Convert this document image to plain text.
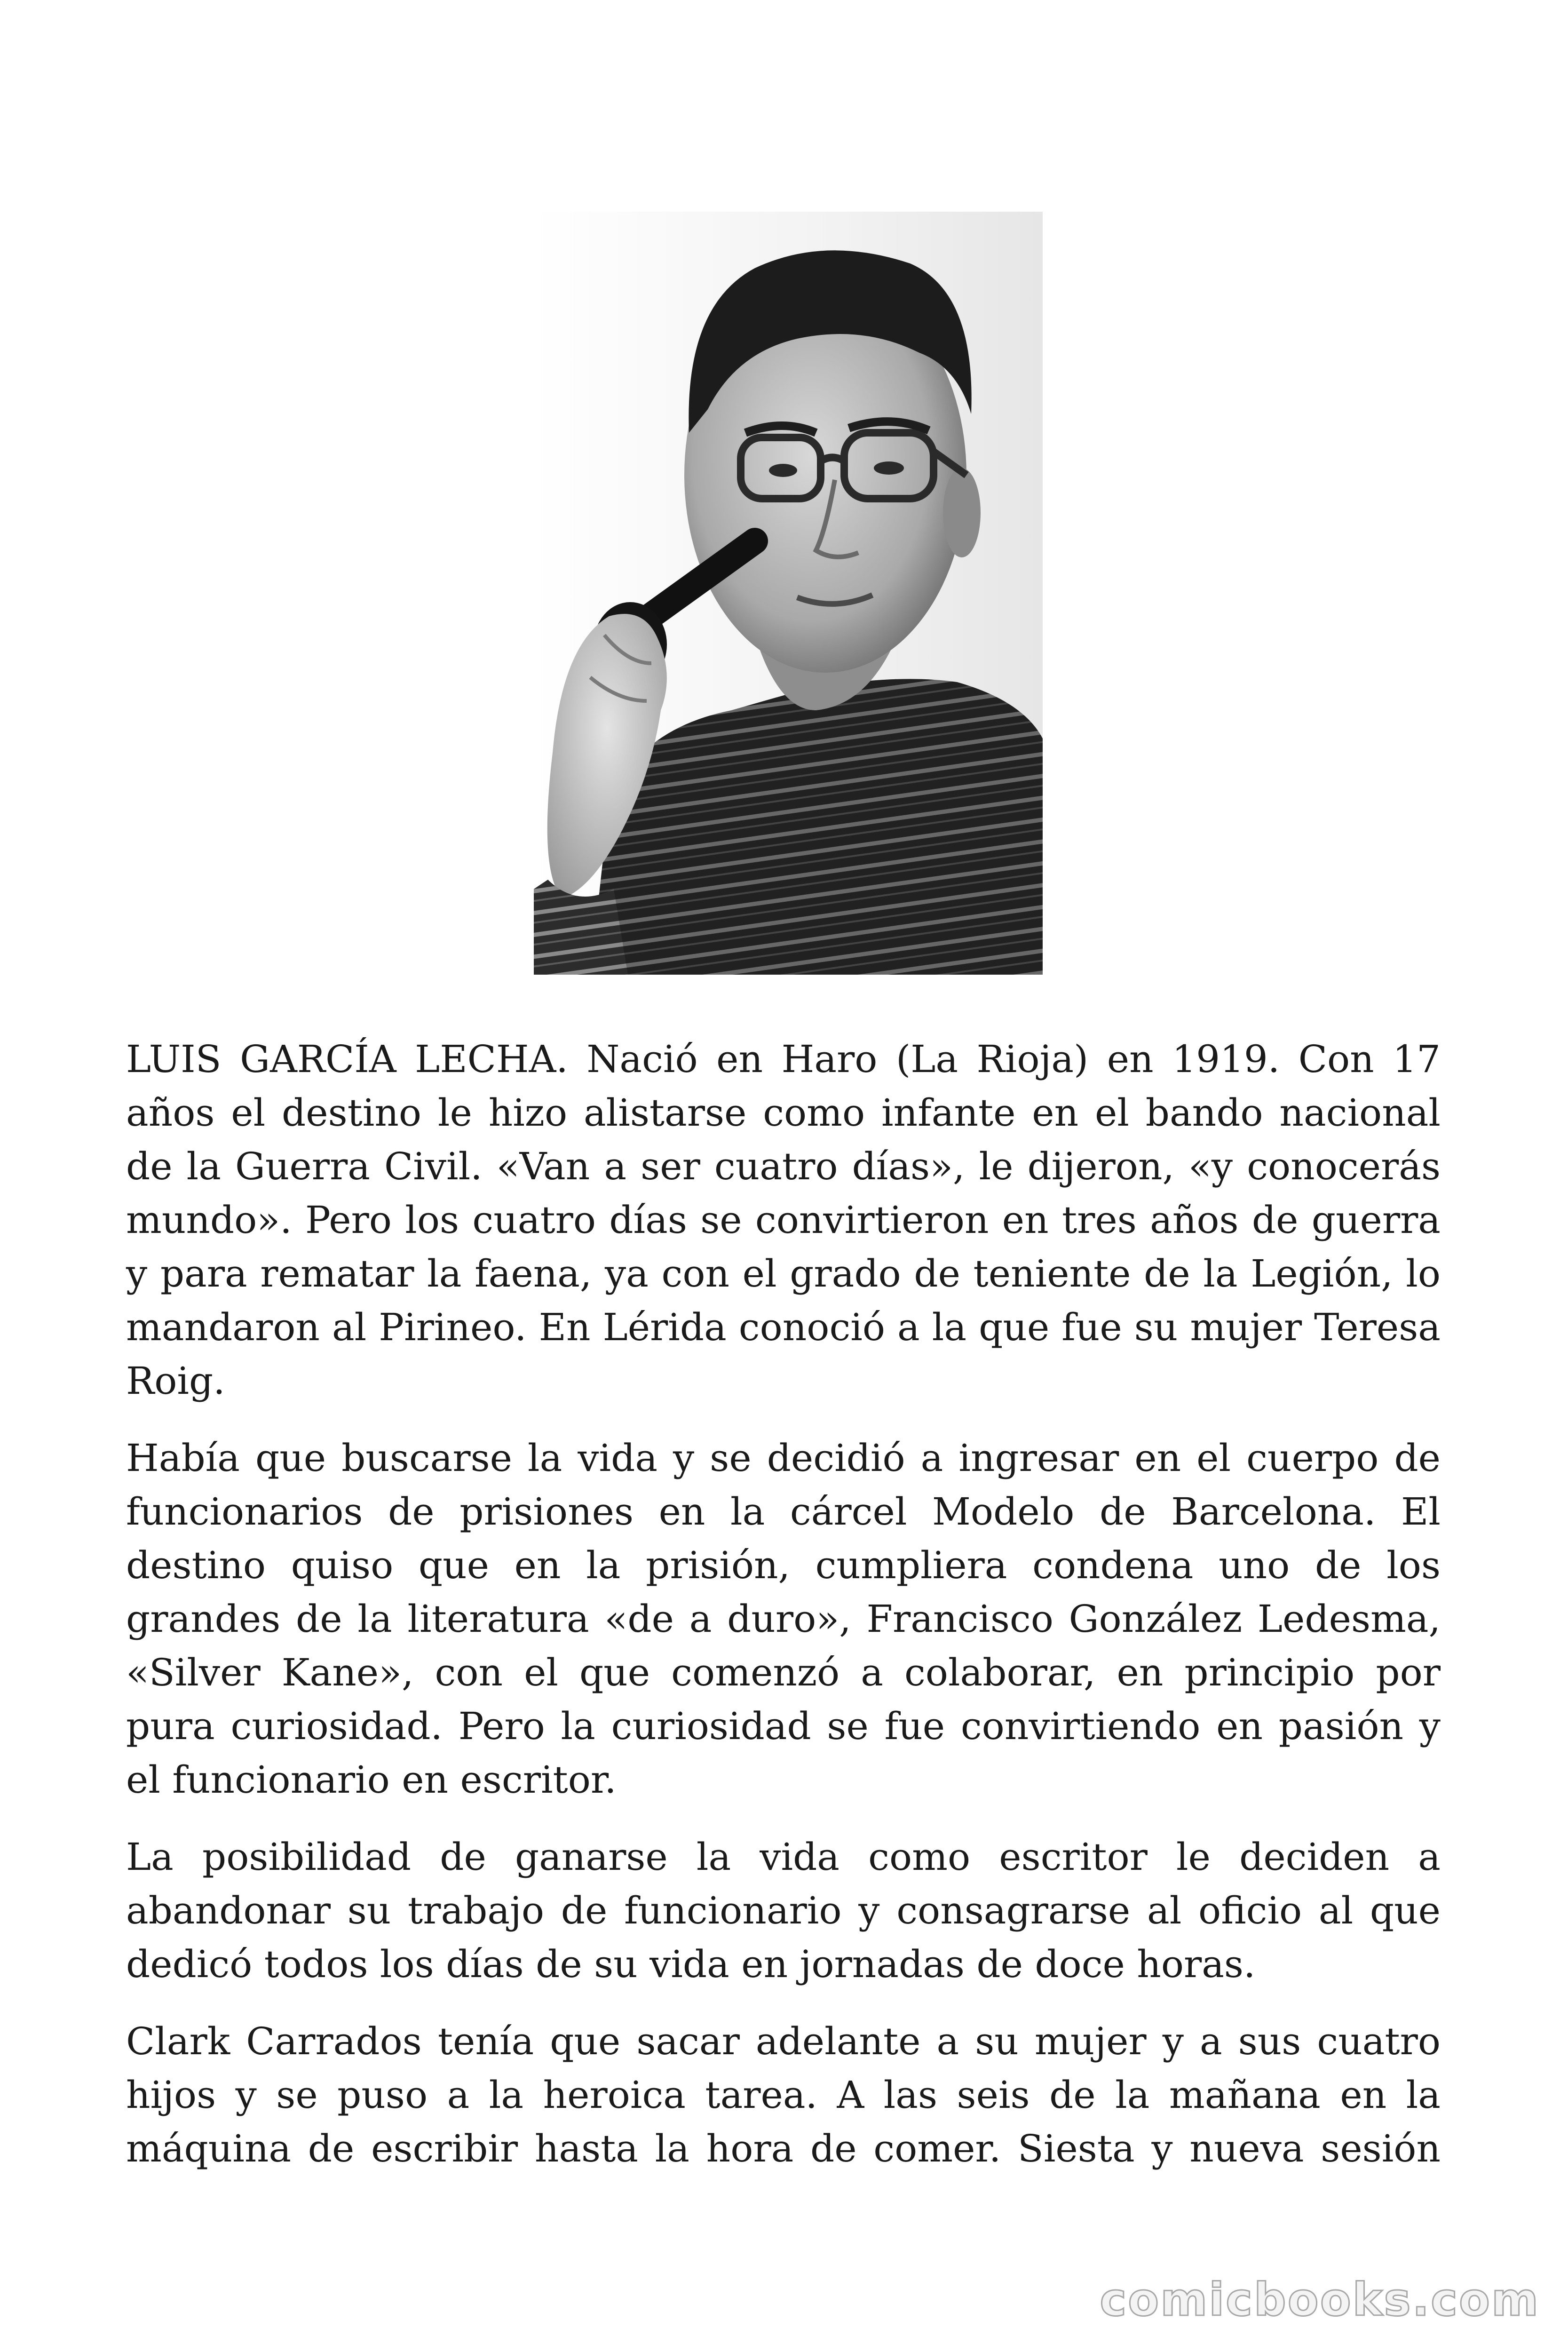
LUIS GARCÍA LECHA. Nació en Haro (La Rioja) en 1919. Con 17 años el destino le hizo alistarse como infante en el bando nacional de la Guerra Civil. «Van a ser cuatro días», le dijeron, «y conocerás mundo». Pero los cuatro días se convirtieron en tres años de guerra y para rematar la faena, ya con el grado de teniente de la Legión, lo mandaron al Pirineo. En Lérida conoció a la que fue su mujer Teresa Roig.

Había que buscarse la vida y se decidió a ingresar en el cuerpo de funcionarios de prisiones en la cárcel Modelo de Barcelona. El destino quiso que en la prisión, cumpliera condena uno de los grandes de la literatura «de a duro», Francisco González Ledesma, «Silver Kane», con el que comenzó a colaborar, en principio por pura curiosidad. Pero la curiosidad se fue convirtiendo en pasión y el funcionario en escritor.

La posibilidad de ganarse la vida como escritor le deciden a abandonar su trabajo de funcionario y consagrarse al oficio al que dedicó todos los días de su vida en jornadas de doce horas.

Clark Carrados tenía que sacar adelante a su mujer y a sus cuatro hijos y se puso a la heroica tarea. A las seis de la mañana en la máquina de escribir hasta la hora de comer. Siesta y nueva sesión

comicbooks.com
